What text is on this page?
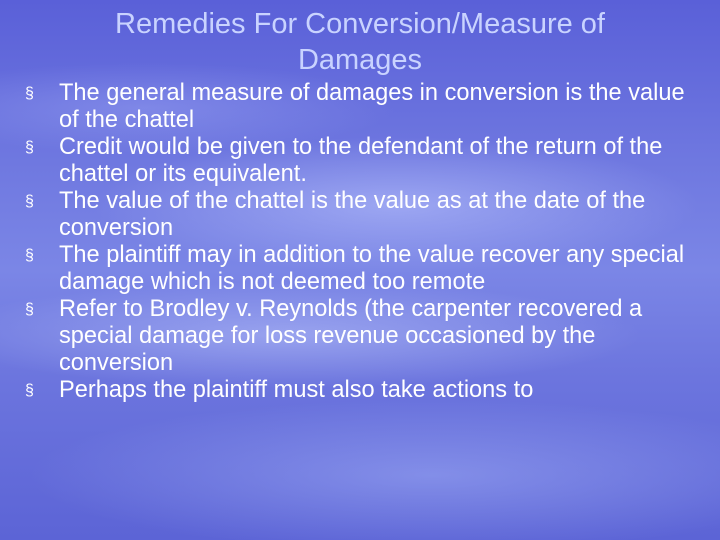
Remedies For Conversion/Measure of Damages
§ The general measure of damages in conversion is the value of the chattel
§ Credit would be given to the defendant of the return of the chattel or its equivalent.
§ The value of the chattel is the value as at the date of the conversion
§ The plaintiff may in addition to the value recover any special damage which is not deemed too remote
§ Refer to Brodley v. Reynolds (the carpenter recovered a special damage for loss revenue occasioned by the conversion
§ Perhaps the plaintiff must also take actions to
